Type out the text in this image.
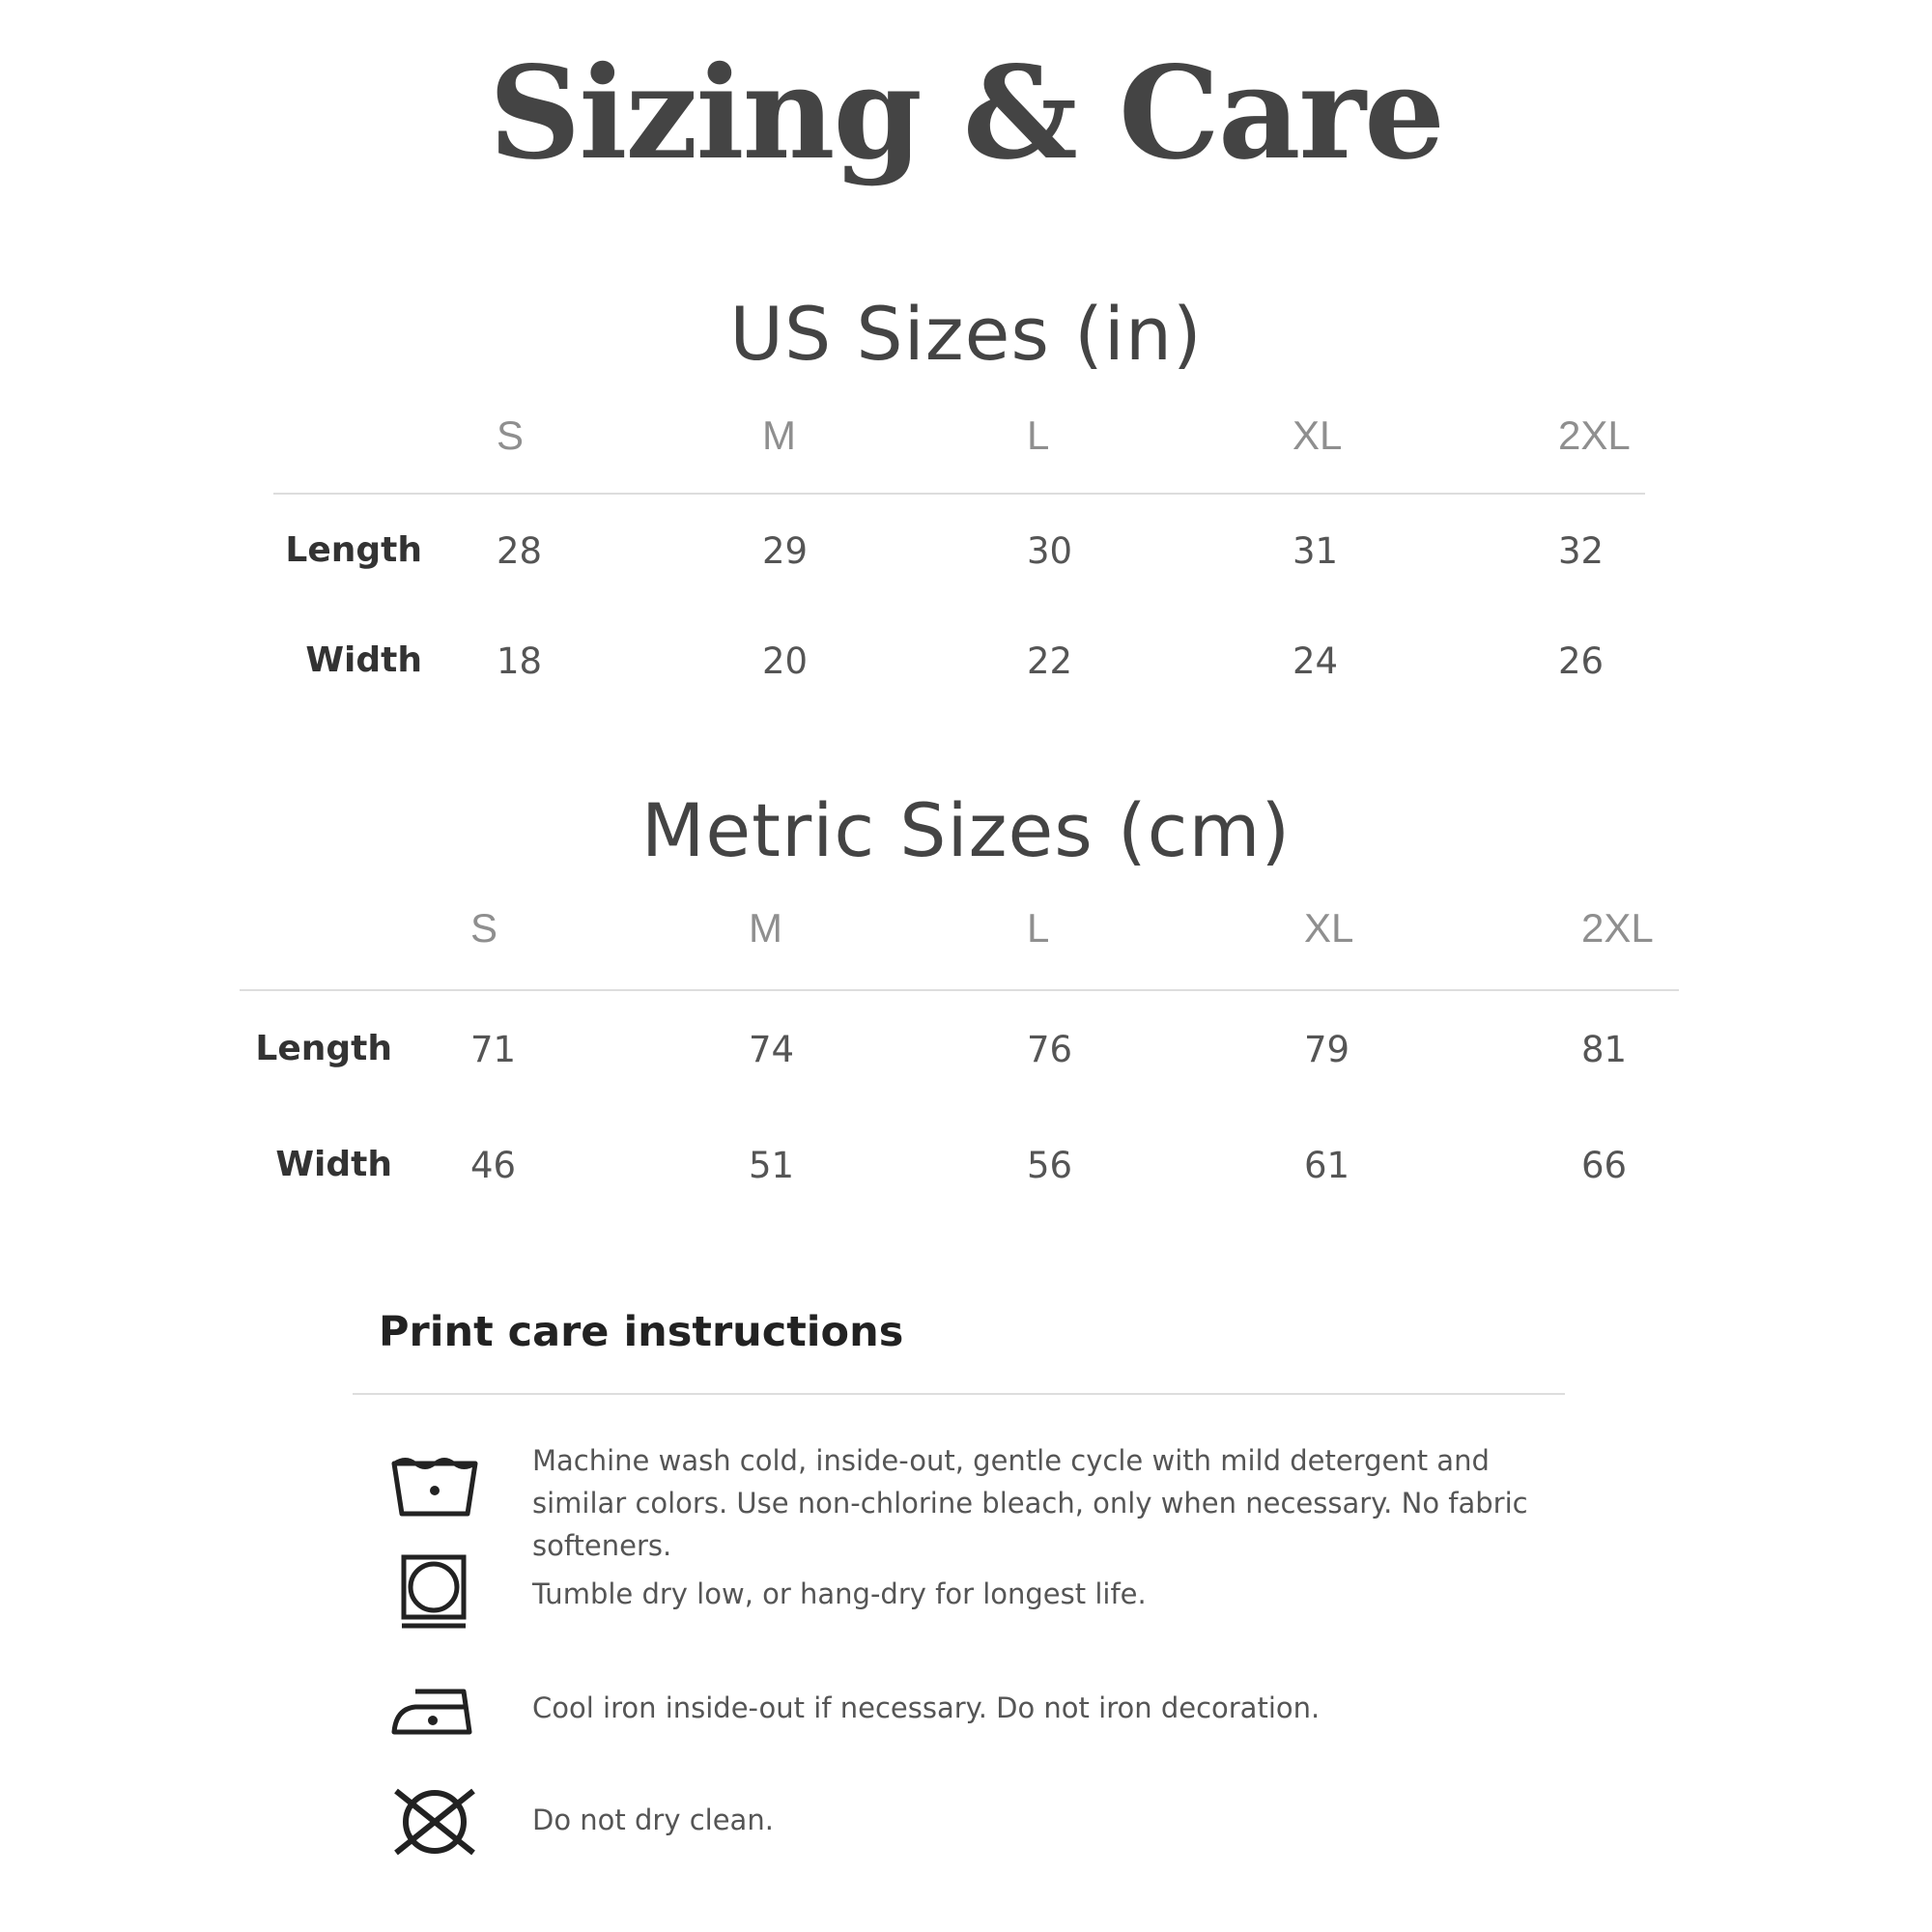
Sizing & Care
US Sizes (in)
S	M	L	XL	2XL
Length 28	29	30	31	32
Width 18	20	22	24	26
Metric Sizes (cm)
S	M	L	XL	2XL
Length 71	74	76	79	81
Width 46	51	56	61	66
Print care instructions
Machine wash cold, inside-out, gentle cycle with mild detergent and similar colors. Use non-chlorine bleach, only when necessary. No fabric softeners.
Tumble dry low, or hang-dry for longest life.
Cool iron inside-out if necessary. Do not iron decoration.
Do not dry clean.
